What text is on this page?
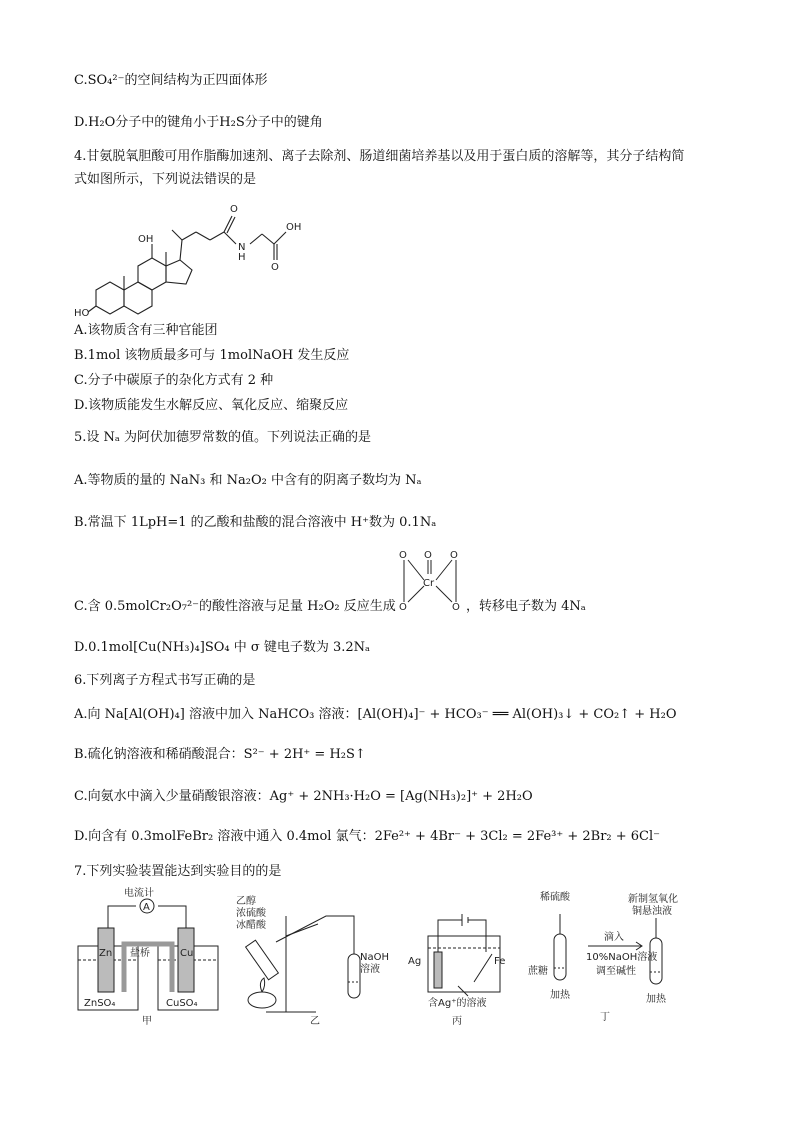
C.SO₄²⁻的空间结构为正四面体形
D.H₂O分子中的键角小于H₂S分子中的键角
4.甘氨脱氧胆酸可用作脂酶加速剂、离子去除剂、肠道细菌培养基以及用于蛋白质的溶解等，其分子结构简
式如图所示，下列说法错误的是
OH
O
N
H
O
OH
HO
A.该物质含有三种官能团
B.1mol 该物质最多可与 1molNaOH 发生反应
C.分子中碳原子的杂化方式有 2 种
D.该物质能发生水解反应、氧化反应、缩聚反应
5.设 Nₐ 为阿伏加德罗常数的值。下列说法正确的是
A.等物质的量的 NaN₃ 和 Na₂O₂ 中含有的阴离子数均为 Nₐ
B.常温下 1LpH=1 的乙酸和盐酸的混合溶液中 H⁺数为 0.1Nₐ
C.含 0.5molCr₂O₇²⁻的酸性溶液与足量 H₂O₂ 反应生成
O O O
Cr
O	O ，转移电子数为 4Nₐ
D.0.1mol[Cu(NH₃)₄]SO₄ 中 σ 键电子数为 3.2Nₐ
6.下列离子方程式书写正确的是
A.向 Na[Al(OH)₄] 溶液中加入 NaHCO₃ 溶液：[Al(OH)₄]⁻ + HCO₃⁻ ══ Al(OH)₃↓ + CO₂↑ + H₂O
B.硫化钠溶液和稀硝酸混合：S²⁻ + 2H⁺ = H₂S↑
C.向氨水中滴入少量硝酸银溶液：Ag⁺ + 2NH₃·H₂O = [Ag(NH₃)₂]⁺ + 2H₂O
D.向含有 0.3molFeBr₂ 溶液中通入 0.4mol 氯气：2Fe²⁺ + 4Br⁻ + 3Cl₂ = 2Fe³⁺ + 2Br₂ + 6Cl⁻
7.下列实验装置能达到实验目的的是
电流计
A
Zn	Cu
盐桥
ZnSO₄	CuSO₄
甲
乙醇
浓硫酸
冰醋酸
NaOH
溶液
乙
Ag	Fe
含Ag⁺的溶液
丙
稀硫酸	新制氢氧化
铜悬浊液
滴入
10%NaOH溶液
调至碱性
蔗糖
加热	加热
丁
